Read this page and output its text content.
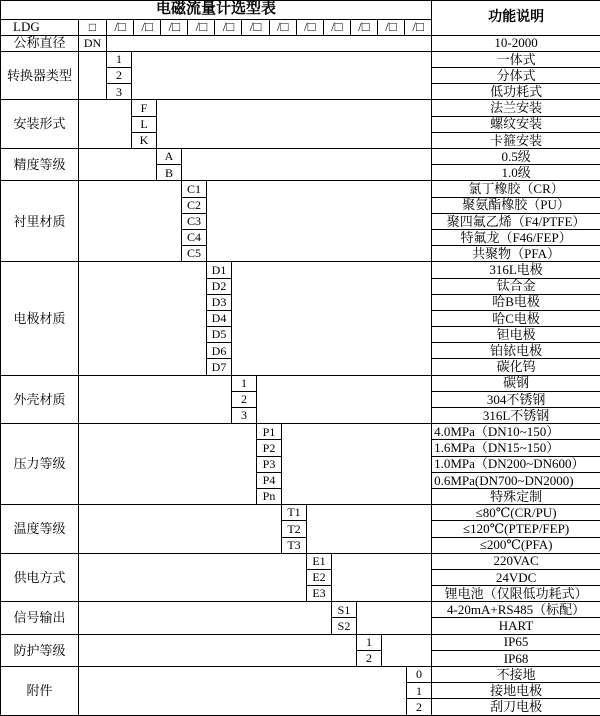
电磁流量计选型表															功能说明
LDG	□	/□	/□	/□	/□	/□	/□	/□	/□	/□	/□	/□	/□

公称直径	DN														10-2000
转换器类型		1													一体式
		2													分体式
		3													低功耗式
安装形式			F												法兰安装
			L												螺纹安装
			K												卡箍安装
精度等级				A											0.5级
				B											1.0级
衬里材质					C1										氯丁橡胶（CR）
					C2										聚氨酯橡胶（PU）
					C3										聚四氟乙烯（F4/PTFE）
					C4										特氟龙（F46/FEP）
					C5										共聚物（PFA）
电极材质						D1									316L电极
						D2									钛合金
						D3									哈B电极
						D4									哈C电极
						D5									钽电极
						D6									铂铱电极
						D7									碳化钨
外壳材质							1								碳钢
							2								304不锈钢
							3								316L不锈钢
压力等级								P1							4.0MPa（DN10~150）
								P2							1.6MPa（DN15~150）
								P3							1.0MPa（DN200~DN600）
								P4							0.6MPa(DN700~DN2000)
								Pn							特殊定制
温度等级									T1						≤80℃(CR/PU)
									T2						≤120℃(PTEP/FEP)
									T3						≤200℃(PFA)
供电方式										E1					220VAC
										E2					24VDC
										E3					锂电池（仅限低功耗式）
信号输出											S1				4-20mA+RS485（标配）
											S2				HART
防护等级												1			IP65
												2			IP68
附件														0	不接地
														1	接地电极
														2	刮刀电极
